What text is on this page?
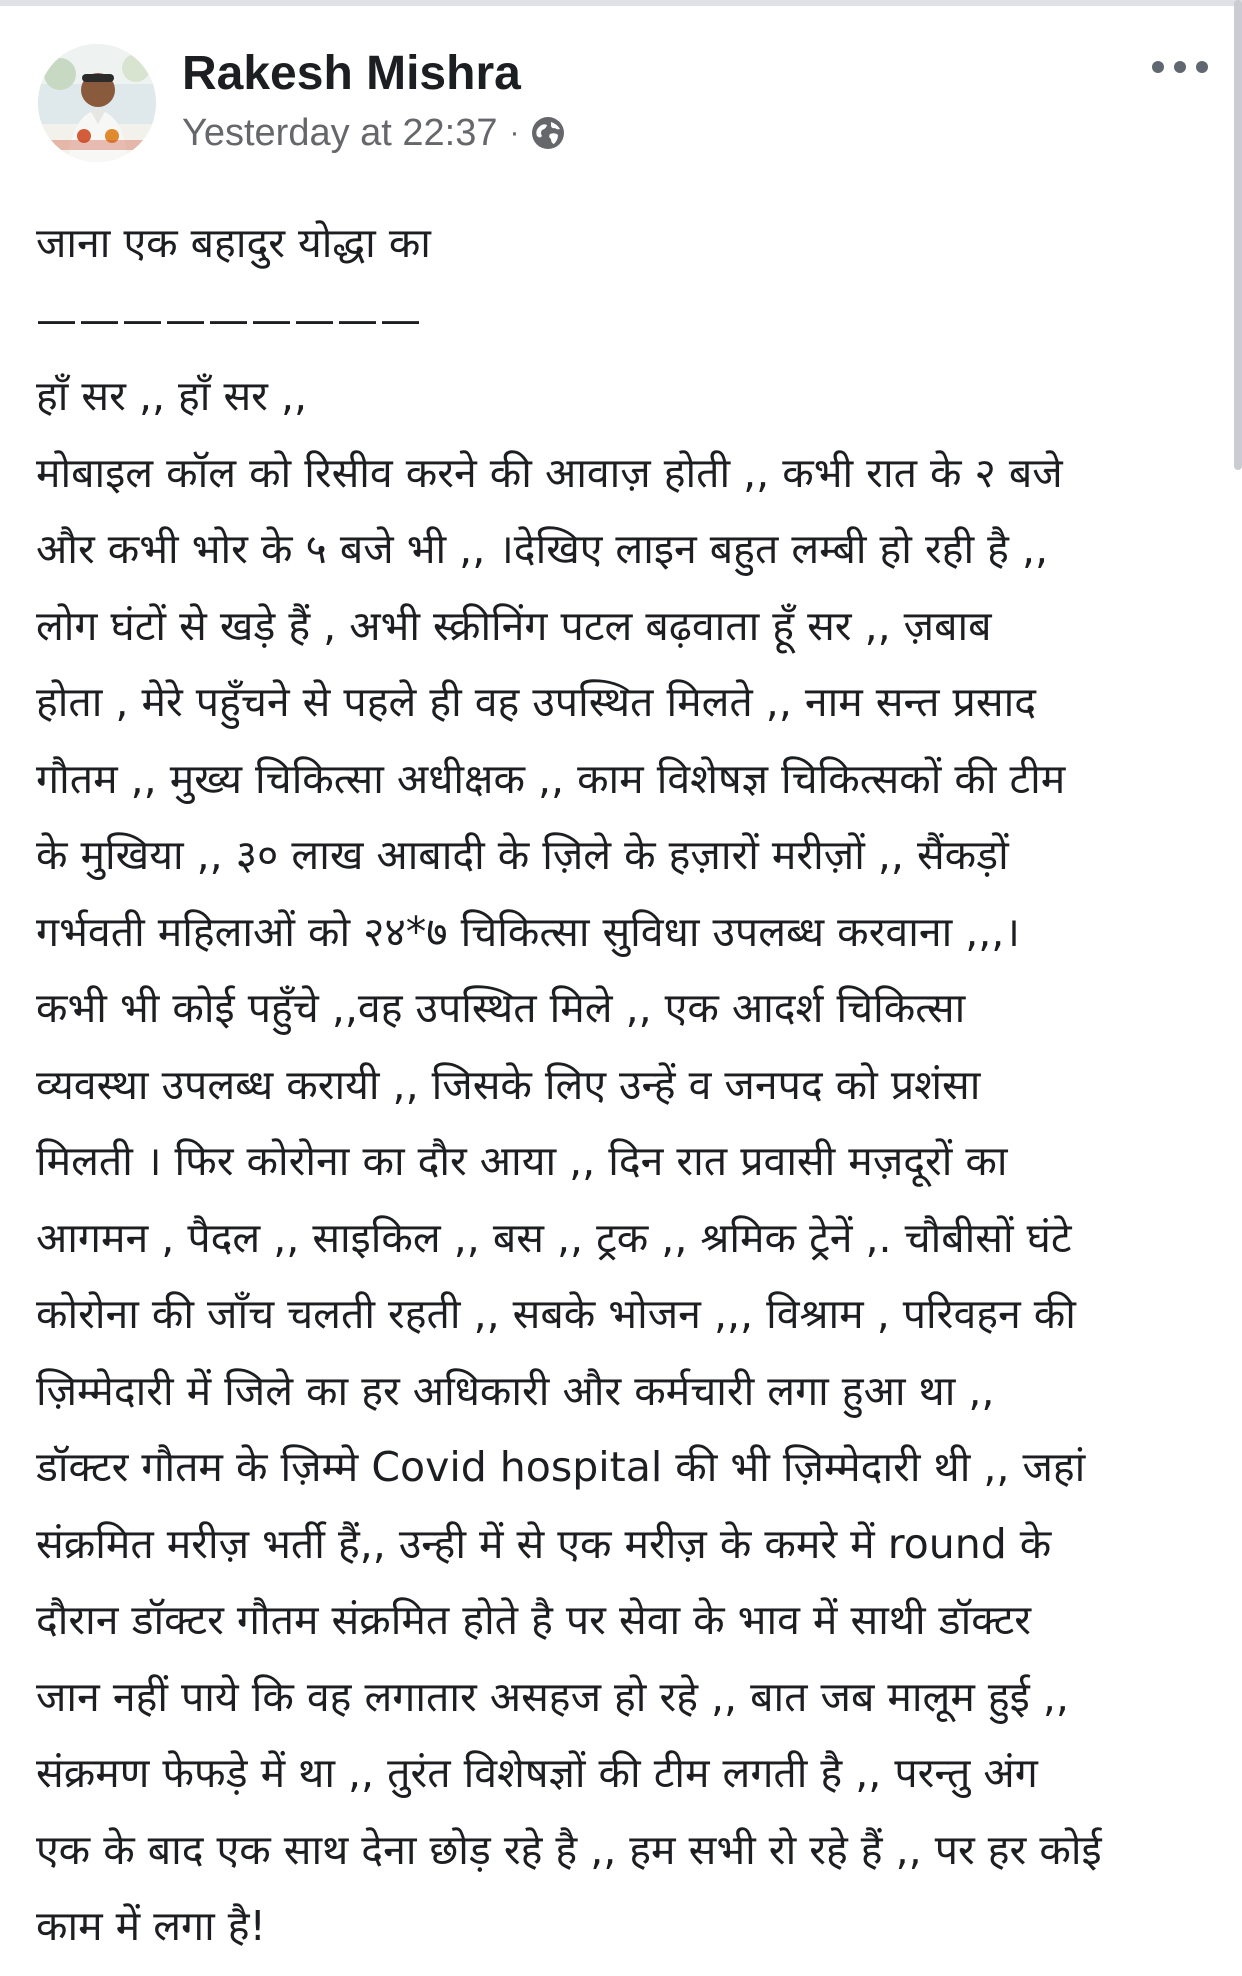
Rakesh Mishra
Yesterday at 22:37 ·
जाना एक बहादुर योद्धा का
—————————
हाँ सर ,, हाँ सर ,,
मोबाइल कॉल को रिसीव करने की आवाज़ होती ,, कभी रात के २ बजे
और कभी भोर के ५ बजे भी ,, ।देखिए लाइन बहुत लम्बी हो रही है ,,
लोग घंटों से खड़े हैं , अभी स्क्रीनिंग पटल बढ़वाता हूँ सर ,, ज़बाब
होता , मेरे पहुँचने से पहले ही वह उपस्थित मिलते ,, नाम सन्त प्रसाद
गौतम ,, मुख्य चिकित्सा अधीक्षक ,, काम विशेषज्ञ चिकित्सकों की टीम
के मुखिया ,, ३० लाख आबादी के ज़िले के हज़ारों मरीज़ों ,, सैंकड़ों
गर्भवती महिलाओं को २४*७ चिकित्सा सुविधा उपलब्ध करवाना ,,,।
कभी भी कोई पहुँचे ,,वह उपस्थित मिले ,, एक आदर्श चिकित्सा
व्यवस्था उपलब्ध करायी ,, जिसके लिए उन्हें व जनपद को प्रशंसा
मिलती । फिर कोरोना का दौर आया ,, दिन रात प्रवासी मज़दूरों का
आगमन , पैदल ,, साइकिल ,, बस ,, ट्रक ,, श्रमिक ट्रेनें ,. चौबीसों घंटे
कोरोना की जाँच चलती रहती ,, सबके भोजन ,,, विश्राम , परिवहन की
ज़िम्मेदारी में जिले का हर अधिकारी और कर्मचारी लगा हुआ था ,,
डॉक्टर गौतम के ज़िम्मे Covid hospital की भी ज़िम्मेदारी थी ,, जहां
संक्रमित मरीज़ भर्ती हैं,, उन्ही में से एक मरीज़ के कमरे में round के
दौरान डॉक्टर गौतम संक्रमित होते है पर सेवा के भाव में साथी डॉक्टर
जान नहीं पाये कि वह लगातार असहज हो रहे ,, बात जब मालूम हुई ,,
संक्रमण फेफड़े में था ,, तुरंत विशेषज्ञों की टीम लगती है ,, परन्तु अंग
एक के बाद एक साथ देना छोड़ रहे है ,, हम सभी रो रहे हैं ,, पर हर कोई
काम में लगा है!
